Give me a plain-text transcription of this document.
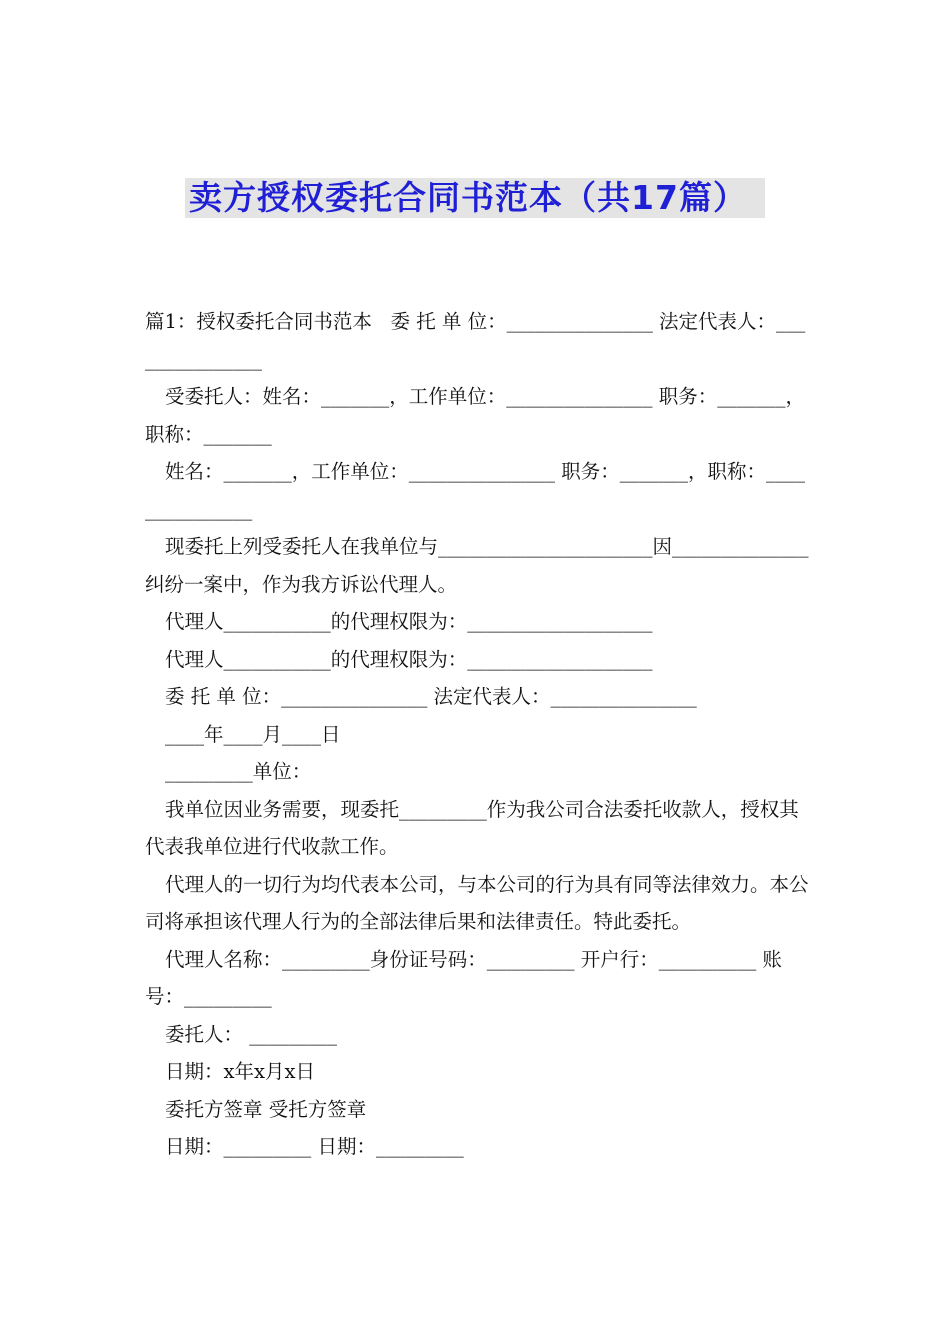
卖方授权委托合同书范本（共17篇）

篇1：授权委托合同书范本   委 托 单 位：_______________ 法定代表人：_______________

受委托人：姓名：_______，工作单位：_______________ 职务：_______，职称：_______

姓名：_______，工作单位：_______________ 职务：_______，职称：_______________

现委托上列受委托人在我单位与______________________因______________纠纷一案中，作为我方诉讼代理人。

代理人___________的代理权限为：___________________

代理人___________的代理权限为：___________________

委 托 单 位：_______________ 法定代表人：_______________

____年____月____日

_________单位：

我单位因业务需要，现委托_________作为我公司合法委托收款人，授权其代表我单位进行代收款工作。

代理人的一切行为均代表本公司，与本公司的行为具有同等法律效力。本公司将承担该代理人行为的全部法律后果和法律责任。特此委托。

代理人名称：_________身份证号码：_________ 开户行：__________ 账号：_________

委托人： _________

日期：x年x月x日

委托方签章 受托方签章

日期：_________ 日期：_________
